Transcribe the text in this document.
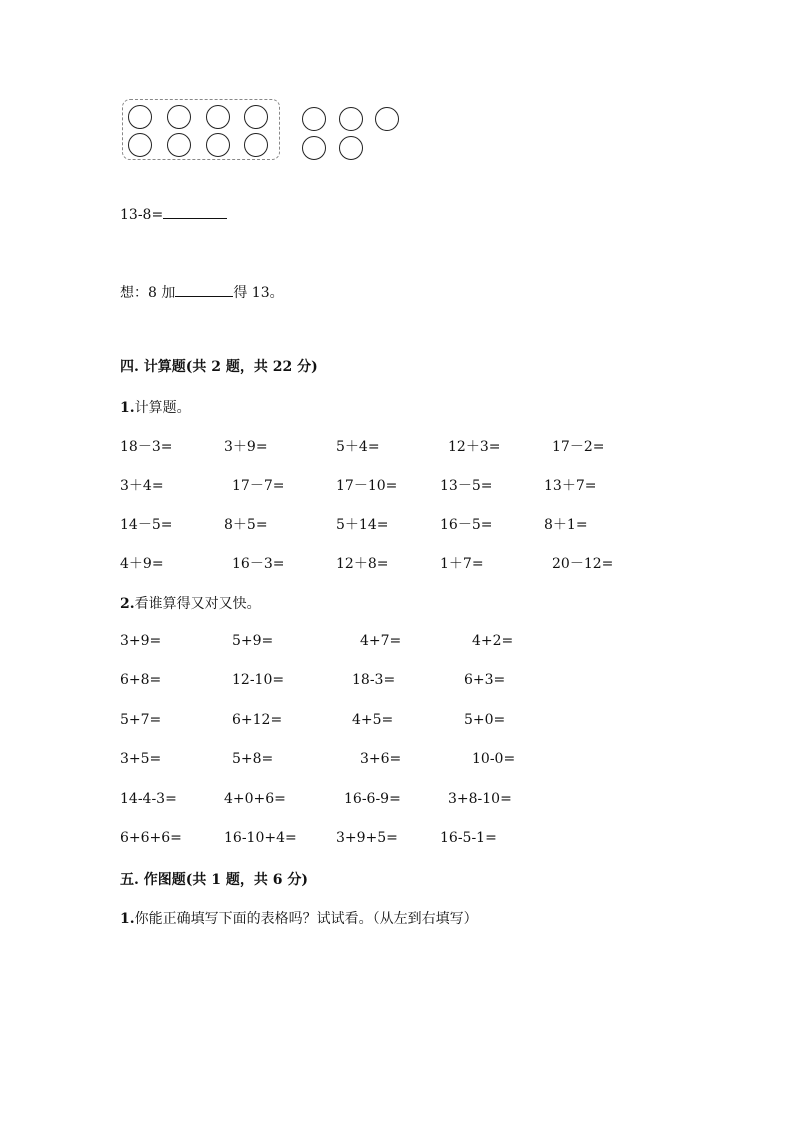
13-8=
想：8 加	得 13。
四. 计算题(共 2 题，共 22 分)
1.计算题。
18－3=	3＋9=	5＋4=	12＋3=	17－2=
3＋4=	17－7=	17－10=	13－5=	13＋7=
14－5=	8＋5=	5＋14=	16－5=	8＋1=
4＋9=	16－3=	12＋8=	1＋7=	20－12=
2.看谁算得又对又快。
3+9=	5+9=	4+7=	4+2=
6+8=	12-10=	18-3=	6+3=
5+7=	6+12=	4+5=	5+0=
3+5=	5+8=	3+6=	10-0=
14-4-3=	4+0+6=	16-6-9=	3+8-10=
6+6+6=	16-10+4=	3+9+5=	16-5-1=
五. 作图题(共 1 题，共 6 分)
1.你能正确填写下面的表格吗？试试看。（从左到右填写）
